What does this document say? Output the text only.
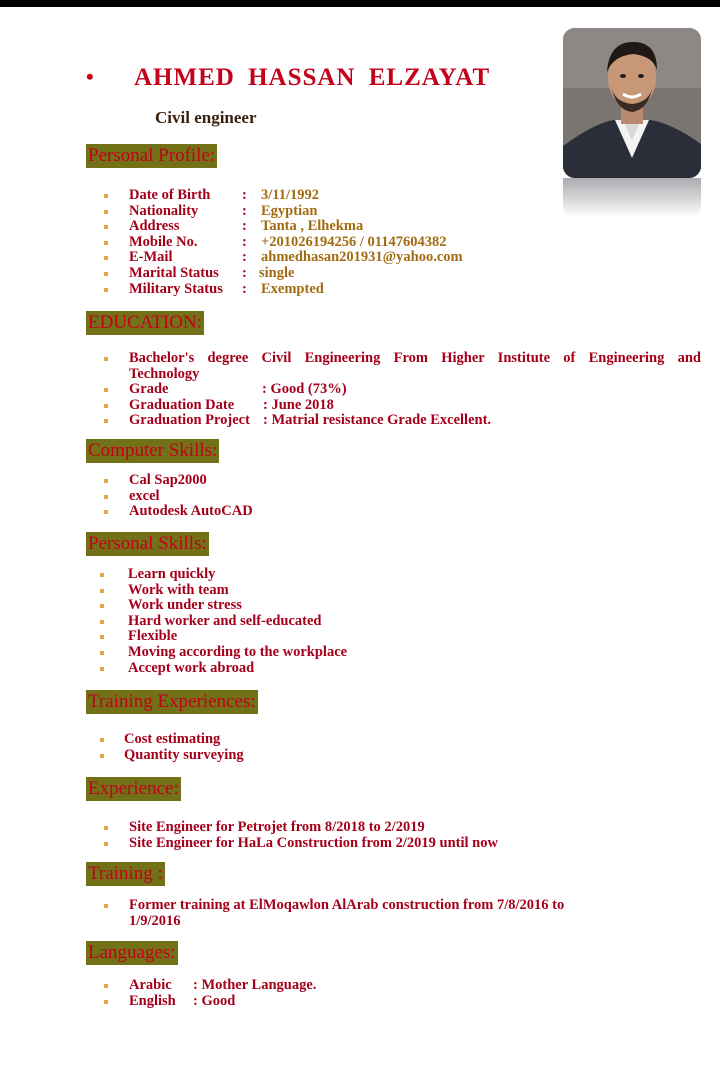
• AHMED HASSAN ELZAYAT
Civil engineer
Personal Profile:
Date of Birth : 3/11/1992
Nationality	: Egyptian
Address	: Tanta , Elhekma
Mobile No.	: +201026194256 / 01147604382
E-Mail	: ahmedhasan201931@yahoo.com
Marital Status : single
Military Status : Exempted
EDUCATION:
Bachelor's degree Civil Engineering From Higher Institute of Engineering and
Technology
Grade	: Good (73%)
Graduation Date : June 2018
Graduation Project : Matrial resistance Grade Excellent.
Computer Skills:
Cal Sap2000
excel
Autodesk AutoCAD
Personal Skills:
Learn quickly
Work with team
Work under stress
Hard worker and self-educated
Flexible
Moving according to the workplace
Accept work abroad
Training Experiences:
Cost estimating
Quantity surveying
Experience:
Site Engineer for Petrojet from 8/2018 to 2/2019
Site Engineer for HaLa Construction from 2/2019 until now
Training :
Former training at ElMoqawlon AlArab construction from 7/8/2016 to
1/9/2016
Languages:
Arabic : Mother Language.
English : Good
